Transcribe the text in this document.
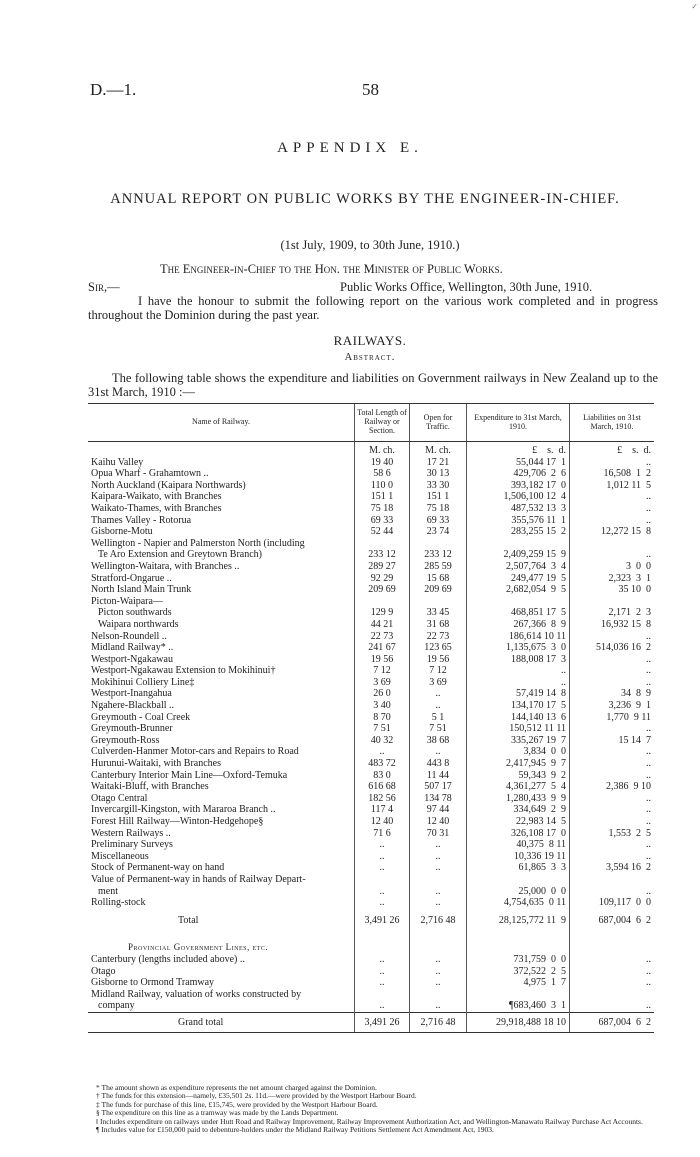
✓
D.—1.	58
APPENDIX E.
ANNUAL REPORT ON PUBLIC WORKS BY THE ENGINEER-IN-CHIEF.
(1st July, 1909, to 30th June, 1910.)
The Engineer-in-Chief to the Hon. the Minister of Public Works.
Sir,—	Public Works Office, Wellington, 30th June, 1910.
I have the honour to submit the following report on the various work completed and in progress throughout the Dominion during the past year.
RAILWAYS.
Abstract.
The following table shows the expenditure and liabilities on Government railways in New Zealand up to the 31st March, 1910 :—
Name of Railway.	Total Length of Railway or Section.	Open for Traffic.	Expenditure to 31st March, 1910.	Liabilities on 31st March, 1910.
	M. ch.	M. ch.	£    s.  d.	£    s.  d.
Kaihu Valley	19 40	17 21	55,044 17  1	..
Opua Wharf - Grahamtown ..	58 6	30 13	429,706  2  6	16,508  1  2
North Auckland (Kaipara Northwards)	110 0	33 30	393,182 17  0	1,012 11  5
Kaipara-Waikato, with Branches	151 1	151 1	1,506,100 12  4	..
Waikato-Thames, with Branches	75 18	75 18	487,532 13  3	..
Thames Valley - Rotorua	69 33	69 33	355,576 11  1	..
Gisborne-Motu	52 44	23 74	283,255 15  2	12,272 15  8
Wellington - Napier and Palmerston North (including				
Te Aro Extension and Greytown Branch)	233 12	233 12	2,409,259 15  9	..
Wellington-Waitara, with Branches ..	289 27	285 59	2,507,764  3  4	3  0  0
Stratford-Ongarue ..	92 29	15 68	249,477 19  5	2,323  3  1
North Island Main Trunk	209 69	209 69	2,682,054  9  5	35 10  0
Picton-Waipara—				
Picton southwards	129 9	33 45	468,851 17  5	2,171  2  3
Waipara northwards	44 21	31 68	267,366  8  9	16,932 15  8
Nelson-Roundell ..	22 73	22 73	186,614 10 11	..
Midland Railway* ..	241 67	123 65	1,135,675  3  0	514,036 16  2
Westport-Ngakawau	19 56	19 56	188,008 17  3	..
Westport-Ngakawau Extension to Mokihinui†	7 12	7 12	..	..
Mokihinui Colliery Line‡	3 69	3 69	..	..
Westport-Inangahua	26 0	..	57,419 14  8	34  8  9
Ngahere-Blackball ..	3 40	..	134,170 17  5	3,236  9  1
Greymouth - Coal Creek	8 70	5 1	144,140 13  6	1,770  9 11
Greymouth-Brunner	7 51	7 51	150,512 11 11	..
Greymouth-Ross	40 32	38 68	335,267 19  7	15 14  7
Culverden-Hanmer Motor-cars and Repairs to Road	..	..	3,834  0  0	..
Hurunui-Waitaki, with Branches	483 72	443 8	2,417,945  9  7	..
Canterbury Interior Main Line—Oxford-Temuka	83 0	11 44	59,343  9  2	..
Waitaki-Bluff, with Branches	616 68	507 17	4,361,277  5  4	2,386  9 10
Otago Central	182 56	134 78	1,280,433  9  9	..
Invercargill-Kingston, with Mararoa Branch ..	117 4	97 44	334,649  2  9	..
Forest Hill Railway—Winton-Hedgehope§	12 40	12 40	22,983 14  5	..
Western Railways ..	71 6	70 31	326,108 17  0	1,553  2  5
Preliminary Surveys	..	..	40,375  8 11	..
Miscellaneous	..	..	10,336 19 11	..
Stock of Permanent-way on hand	..	..	61,865  3  3	3,594 16  2
Value of Permanent-way in hands of Railway Depart-				
ment	..	..	25,000  0  0	..
Rolling-stock	..	..	4,754,635  0 11	109,117  0  0
Total	3,491 26	2,716 48	28,125,772 11  9	687,004  6  2
Provincial Government Lines, etc.				
Canterbury (lengths included above) ..	..	..	731,759  0  0	..
Otago	..	..	372,522  2  5	..
Gisborne to Ormond Tramway	..	..	4,975  1  7	..
Midland Railway, valuation of works constructed by				
company	..	..	¶683,460  3  1	..
Grand total	3,491 26	2,716 48	29,918,488 18 10	687,004  6  2
* The amount shown as expenditure represents the net amount charged against the Dominion.
† The funds for this extension—namely, £35,501 2s. 11d.—were provided by the Westport Harbour Board.
‡ The funds for purchase of this line, £15,745, were provided by the Westport Harbour Board.
§ The expenditure on this line as a tramway was made by the Lands Department.
‖ Includes expenditure on railways under Hutt Road and Railway Improvement, Railway Improvement Authorization Act, and Wellington-Manawatu Railway Purchase Act Accounts.
¶ Includes value for £150,000 paid to debenture-holders under the Midland Railway Petitions Settlement Act Amendment Act, 1903.
